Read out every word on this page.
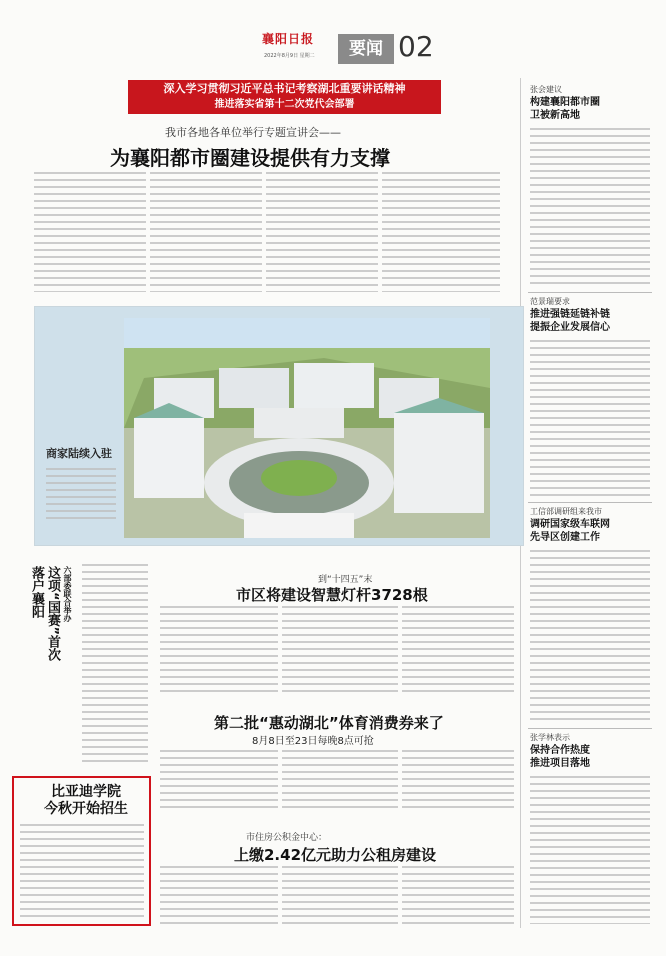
襄阳日报
2022年8月9日 星期二	要闻 02
深入学习贯彻习近平总书记考察湖北重要讲话精神
推进落实省第十二次党代会部署
我市各地各单位举行专题宣讲会——
为襄阳都市圈建设提供有力支撑
商家陆续入驻
张会建议
构建襄阳都市圈
卫被新高地
范景瑞要求
推进强链延链补链
提振企业发展信心
工信部调研组来我市
调研国家级车联网
先导区创建工作
张学林表示
保持合作热度
推进项目落地
六部委联合举办
这项“国赛”首次
落户襄阳	到“十四五”末
市区将建设智慧灯杆3728根
第二批“惠动湖北”体育消费券来了
8月8日至23日每晚8点可抢
市住房公积金中心：
上缴2.42亿元助力公租房建设
比亚迪学院
今秋开始招生
